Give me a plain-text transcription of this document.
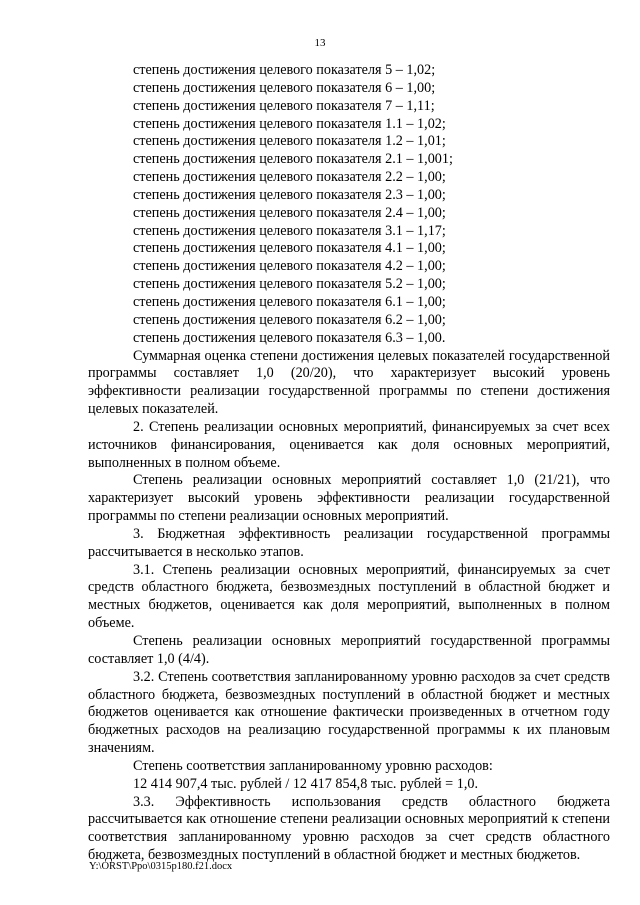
13
степень достижения целевого показателя 5 – 1,02;
степень достижения целевого показателя 6 – 1,00;
степень достижения целевого показателя 7 – 1,11;
степень достижения целевого показателя 1.1 – 1,02;
степень достижения целевого показателя 1.2 – 1,01;
степень достижения целевого показателя 2.1 – 1,001;
степень достижения целевого показателя 2.2 – 1,00;
степень достижения целевого показателя 2.3 – 1,00;
степень достижения целевого показателя 2.4 – 1,00;
степень достижения целевого показателя 3.1 – 1,17;
степень достижения целевого показателя 4.1 – 1,00;
степень достижения целевого показателя 4.2 – 1,00;
степень достижения целевого показателя 5.2 – 1,00;
степень достижения целевого показателя 6.1 – 1,00;
степень достижения целевого показателя 6.2 – 1,00;
степень достижения целевого показателя 6.3 – 1,00.

Суммарная оценка степени достижения целевых показателей государственной программы составляет 1,0 (20/20), что характеризует высокий уровень эффективности реализации государственной программы по степени достижения целевых показателей.

2. Степень реализации основных мероприятий, финансируемых за счет всех источников финансирования, оценивается как доля основных мероприятий, выполненных в полном объеме.

Степень реализации основных мероприятий составляет 1,0 (21/21), что характеризует высокий уровень эффективности реализации государственной программы по степени реализации основных мероприятий.

3. Бюджетная эффективность реализации государственной программы рассчитывается в несколько этапов.

3.1. Степень реализации основных мероприятий, финансируемых за счет средств областного бюджета, безвозмездных поступлений в областной бюджет и местных бюджетов, оценивается как доля мероприятий, выполненных в полном объеме.

Степень реализации основных мероприятий государственной программы составляет 1,0 (4/4).

3.2. Степень соответствия запланированному уровню расходов за счет средств областного бюджета, безвозмездных поступлений в областной бюджет и местных бюджетов оценивается как отношение фактически произведенных в отчетном году бюджетных расходов на реализацию государственной программы к их плановым значениям.

Степень соответствия запланированному уровню расходов:

12 414 907,4 тыс. рублей / 12 417 854,8 тыс. рублей = 1,0.

3.3. Эффективность использования средств областного бюджета рассчитывается как отношение степени реализации основных мероприятий к степени соответствия запланированному уровню расходов за счет средств областного бюджета, безвозмездных поступлений в областной бюджет и местных бюджетов.

Y:\ORST\Ppo\0315p180.f21.docx
